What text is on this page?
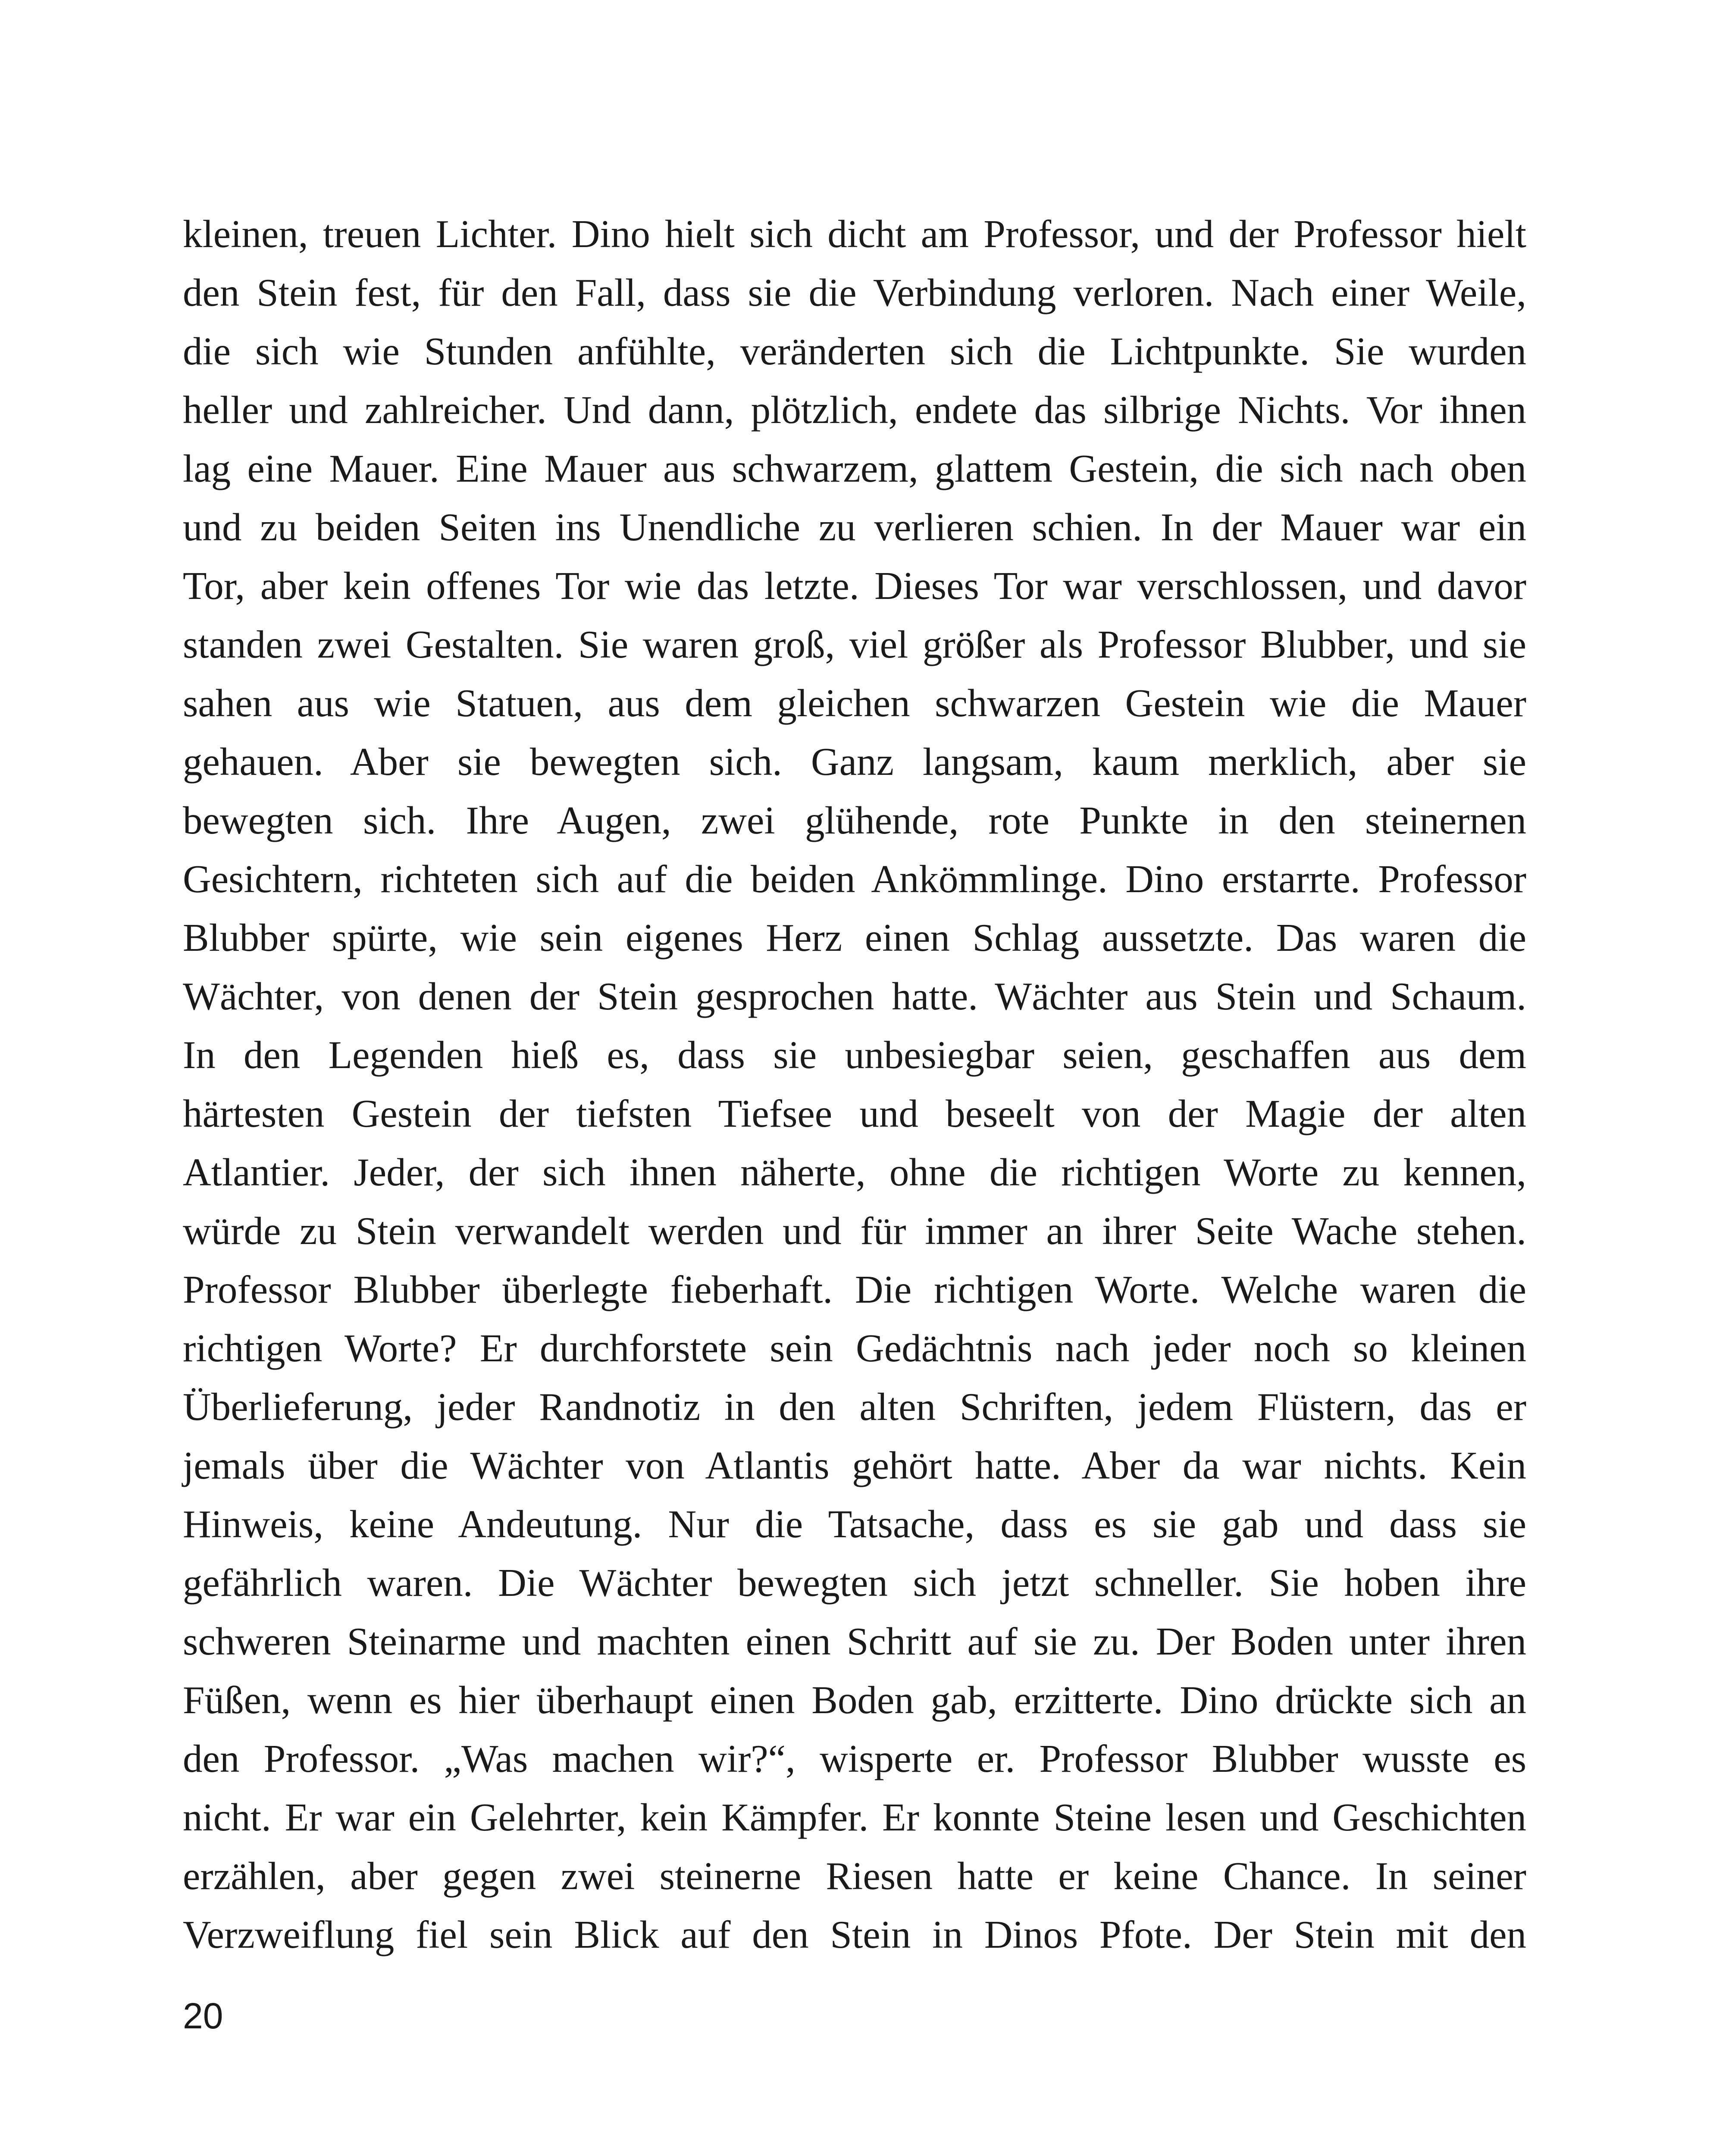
kleinen, treuen Lichter. Dino hielt sich dicht am Professor, und der Professor hielt
den Stein fest, für den Fall, dass sie die Verbindung verloren. Nach einer Weile,
die sich wie Stunden anfühlte, veränderten sich die Lichtpunkte. Sie wurden
heller und zahlreicher. Und dann, plötzlich, endete das silbrige Nichts. Vor ihnen
lag eine Mauer. Eine Mauer aus schwarzem, glattem Gestein, die sich nach oben
und zu beiden Seiten ins Unendliche zu verlieren schien. In der Mauer war ein
Tor, aber kein offenes Tor wie das letzte. Dieses Tor war verschlossen, und davor
standen zwei Gestalten. Sie waren groß, viel größer als Professor Blubber, und sie
sahen aus wie Statuen, aus dem gleichen schwarzen Gestein wie die Mauer
gehauen. Aber sie bewegten sich. Ganz langsam, kaum merklich, aber sie
bewegten sich. Ihre Augen, zwei glühende, rote Punkte in den steinernen
Gesichtern, richteten sich auf die beiden Ankömmlinge. Dino erstarrte. Professor
Blubber spürte, wie sein eigenes Herz einen Schlag aussetzte. Das waren die
Wächter, von denen der Stein gesprochen hatte. Wächter aus Stein und Schaum.
In den Legenden hieß es, dass sie unbesiegbar seien, geschaffen aus dem
härtesten Gestein der tiefsten Tiefsee und beseelt von der Magie der alten
Atlantier. Jeder, der sich ihnen näherte, ohne die richtigen Worte zu kennen,
würde zu Stein verwandelt werden und für immer an ihrer Seite Wache stehen.
Professor Blubber überlegte fieberhaft. Die richtigen Worte. Welche waren die
richtigen Worte? Er durchforstete sein Gedächtnis nach jeder noch so kleinen
Überlieferung, jeder Randnotiz in den alten Schriften, jedem Flüstern, das er
jemals über die Wächter von Atlantis gehört hatte. Aber da war nichts. Kein
Hinweis, keine Andeutung. Nur die Tatsache, dass es sie gab und dass sie
gefährlich waren. Die Wächter bewegten sich jetzt schneller. Sie hoben ihre
schweren Steinarme und machten einen Schritt auf sie zu. Der Boden unter ihren
Füßen, wenn es hier überhaupt einen Boden gab, erzitterte. Dino drückte sich an
den Professor. „Was machen wir?“, wisperte er. Professor Blubber wusste es
nicht. Er war ein Gelehrter, kein Kämpfer. Er konnte Steine lesen und Geschichten
erzählen, aber gegen zwei steinerne Riesen hatte er keine Chance. In seiner
Verzweiflung fiel sein Blick auf den Stein in Dinos Pfote. Der Stein mit den
20
